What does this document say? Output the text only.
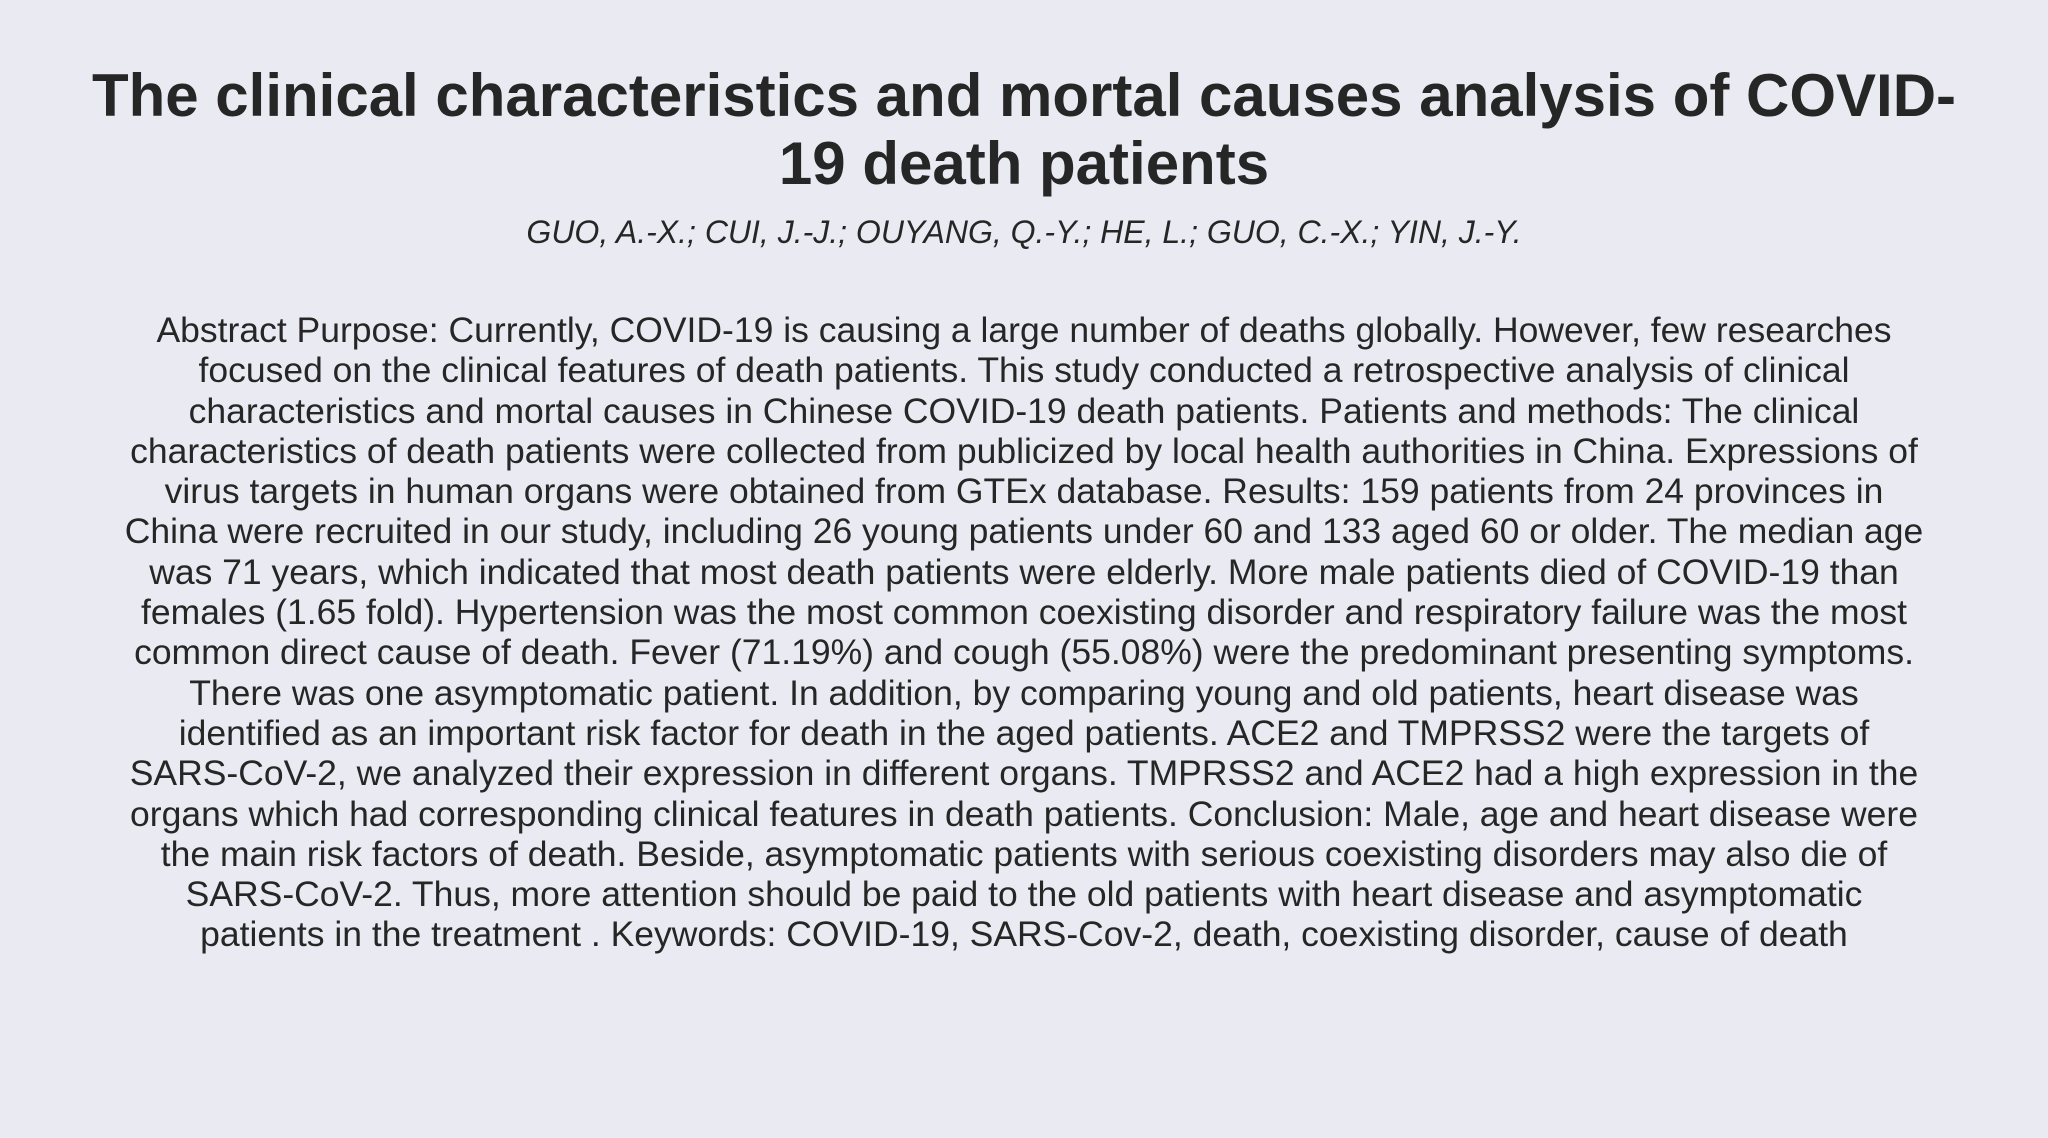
The clinical characteristics and mortal causes analysis of COVID-19 death patients
GUO, A.-X.; CUI, J.-J.; OUYANG, Q.-Y.; HE, L.; GUO, C.-X.; YIN, J.-Y.

Abstract Purpose: Currently, COVID-19 is causing a large number of deaths globally. However, few researches focused on the clinical features of death patients. This study conducted a retrospective analysis of clinical characteristics and mortal causes in Chinese COVID-19 death patients. Patients and methods: The clinical characteristics of death patients were collected from publicized by local health authorities in China. Expressions of virus targets in human organs were obtained from GTEx database. Results: 159 patients from 24 provinces in China were recruited in our study, including 26 young patients under 60 and 133 aged 60 or older. The median age was 71 years, which indicated that most death patients were elderly. More male patients died of COVID-19 than females (1.65 fold). Hypertension was the most common coexisting disorder and respiratory failure was the most common direct cause of death. Fever (71.19%) and cough (55.08%) were the predominant presenting symptoms. There was one asymptomatic patient. In addition, by comparing young and old patients, heart disease was identified as an important risk factor for death in the aged patients. ACE2 and TMPRSS2 were the targets of SARS-CoV-2, we analyzed their expression in different organs. TMPRSS2 and ACE2 had a high expression in the organs which had corresponding clinical features in death patients. Conclusion: Male, age and heart disease were the main risk factors of death. Beside, asymptomatic patients with serious coexisting disorders may also die of SARS-CoV-2. Thus, more attention should be paid to the old patients with heart disease and asymptomatic patients in the treatment . Keywords: COVID-19, SARS-Cov-2, death, coexisting disorder, cause of death
